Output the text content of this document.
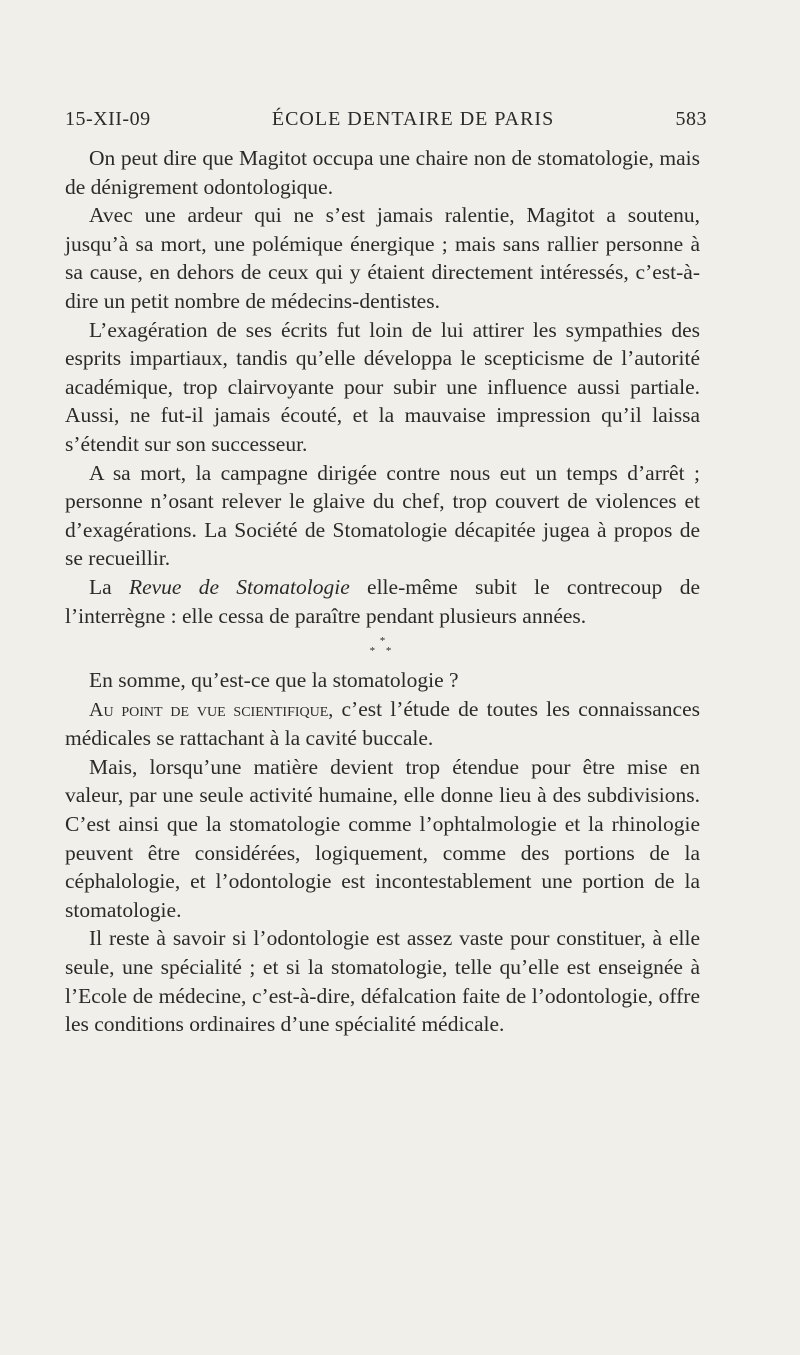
15-XII-09	ÉCOLE DENTAIRE DE PARIS	583

On peut dire que Magitot occupa une chaire non de stomatologie, mais de dénigrement odontologique.

Avec une ardeur qui ne s’est jamais ralentie, Magitot a soutenu, jusqu’à sa mort, une polémique énergique ; mais sans rallier personne à sa cause, en dehors de ceux qui y étaient directement intéressés, c’est-à-dire un petit nombre de médecins-dentistes.

L’exagération de ses écrits fut loin de lui attirer les sympathies des esprits impartiaux, tandis qu’elle développa le scepticisme de l’autorité académique, trop clairvoyante pour subir une influence aussi partiale. Aussi, ne fut-il jamais écouté, et la mauvaise impression qu’il laissa s’étendit sur son successeur.

A sa mort, la campagne dirigée contre nous eut un temps d’arrêt ; personne n’osant relever le glaive du chef, trop couvert de violences et d’exagérations. La Société de Stomatologie décapitée jugea à propos de se recueillir.

La Revue de Stomatologie elle-même subit le contrecoup de l’interrègne : elle cessa de paraître pendant plusieurs années.

*
* *

En somme, qu’est-ce que la stomatologie ?

Au point de vue scientifique, c’est l’étude de toutes les connaissances médicales se rattachant à la cavité buccale.

Mais, lorsqu’une matière devient trop étendue pour être mise en valeur, par une seule activité humaine, elle donne lieu à des subdivisions. C’est ainsi que la stomatologie comme l’ophtalmologie et la rhinologie peuvent être considérées, logiquement, comme des portions de la céphalologie, et l’odontologie est incontestablement une portion de la stomatologie.

Il reste à savoir si l’odontologie est assez vaste pour constituer, à elle seule, une spécialité ; et si la stomatologie, telle qu’elle est enseignée à l’Ecole de médecine, c’est-à-dire, défalcation faite de l’odontologie, offre les conditions ordinaires d’une spécialité médicale.
